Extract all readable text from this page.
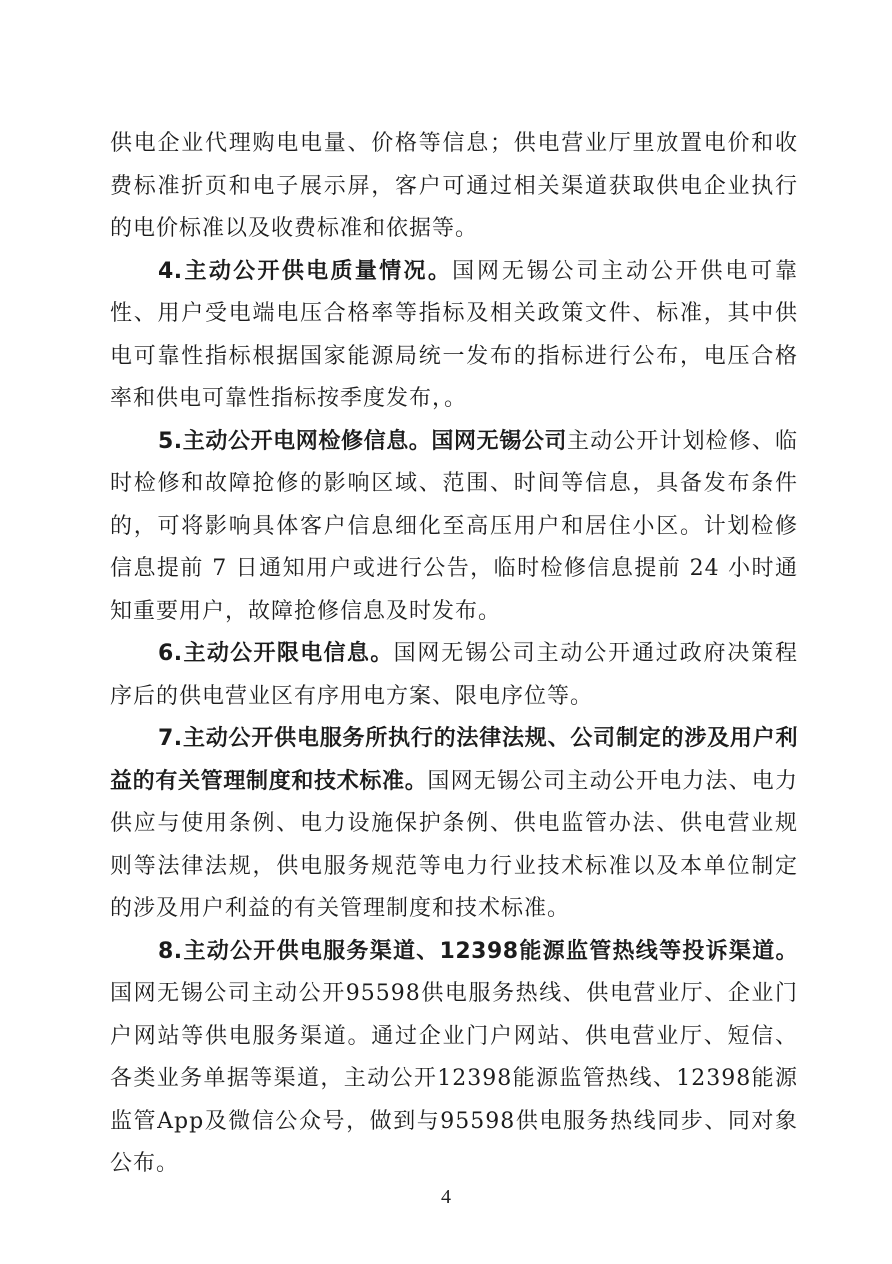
供电企业代理购电电量、价格等信息；供电营业厅里放置电价和收费标准折页和电子展示屏，客户可通过相关渠道获取供电企业执行的电价标准以及收费标准和依据等。

4.主动公开供电质量情况。国网无锡公司主动公开供电可靠性、用户受电端电压合格率等指标及相关政策文件、标准，其中供电可靠性指标根据国家能源局统一发布的指标进行公布，电压合格率和供电可靠性指标按季度发布，。

5.主动公开电网检修信息。国网无锡公司主动公开计划检修、临时检修和故障抢修的影响区域、范围、时间等信息，具备发布条件的，可将影响具体客户信息细化至高压用户和居住小区。计划检修信息提前 7 日通知用户或进行公告，临时检修信息提前 24 小时通知重要用户，故障抢修信息及时发布。

6.主动公开限电信息。国网无锡公司主动公开通过政府决策程序后的供电营业区有序用电方案、限电序位等。

7.主动公开供电服务所执行的法律法规、公司制定的涉及用户利益的有关管理制度和技术标准。国网无锡公司主动公开电力法、电力供应与使用条例、电力设施保护条例、供电监管办法、供电营业规则等法律法规，供电服务规范等电力行业技术标准以及本单位制定的涉及用户利益的有关管理制度和技术标准。

8.主动公开供电服务渠道、12398能源监管热线等投诉渠道。国网无锡公司主动公开95598供电服务热线、供电营业厅、企业门户网站等供电服务渠道。通过企业门户网站、供电营业厅、短信、各类业务单据等渠道，主动公开12398能源监管热线、12398能源监管App及微信公众号，做到与95598供电服务热线同步、同对象公布。

4
